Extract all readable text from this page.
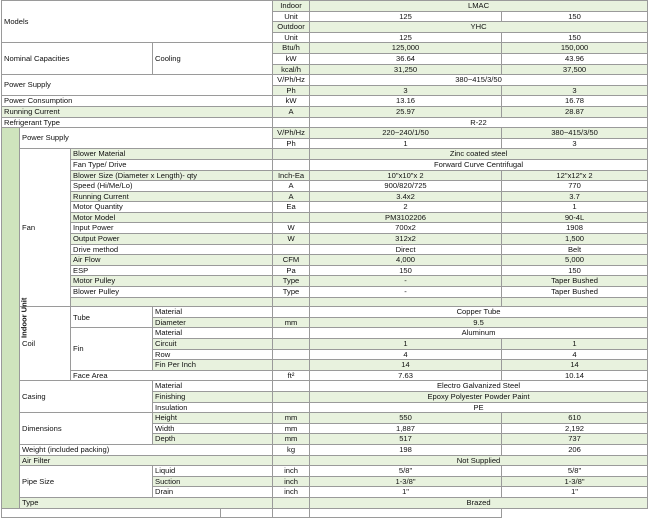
Models					Indoor	LMAC	
					Unit	125	150
					Outdoor	YHC	
					Unit	125	150
Nominal Capacities			Cooling		Btu/h	125,000	150,000
					kW	36.64	43.96
					kcal/h	31,250	37,500
Power Supply					V/Ph/Hz	380~415/3/50	
					Ph	3	3
Power Consumption					kW	13.16	16.78
Running Current					A	25.97	28.87
Refrigerant Type						R-22	
Indoor Unit	Power Supply				V/Ph/Hz	220~240/1/50	380~415/3/50
					Ph	1	3
	Fan	Blower Material				Zinc coated steel	
		Fan Type/ Drive				Forward Curve Centrifugal	
		Blower Size (Diameter x Length)- qty			Inch-Ea	10"x10"x 2	12"x12"x 2
		Speed (Hi/Me/Lo)			A	900/820/725	770
		Running Current			A	3.4x2	3.7
		Motor Quantity			Ea	2	1
		Motor Model				PM3102206	90-4L
		Input Power			W	700x2	1908
		Output Power			W	312x2	1,500
		Drive method				Direct	Belt
		Air Flow			CFM	4,000	5,000
		ESP			Pa	150	150
		Motor Pulley			Type	-	Taper Bushed
		Blower Pulley			Type	-	Taper Bushed

	Coil	Tube	Material			Copper Tube	
			Diameter		mm	9.5	
		Fin	Material			Aluminum	
			Circuit			1	1
			Row			4	4
			Fin Per Inch			14	14
		Face Area			ft²	7.63	10.14
	Casing		Material			Electro Galvanized Steel	
			Finishing			Epoxy Polyester Powder Paint	
			Insulation			PE	
	Dimensions		Height		mm	550	610
			Width		mm	1,887	2,192
			Depth		mm	517	737
	Weight (included packing)				kg	198	206
	Air Filter					Not Supplied	
	Pipe Size		Liquid		inch	5/8"	5/8"
			Suction		inch	1-3/8"	1-3/8"
			Drain		inch	1"	1"
	Type					Brazed	
